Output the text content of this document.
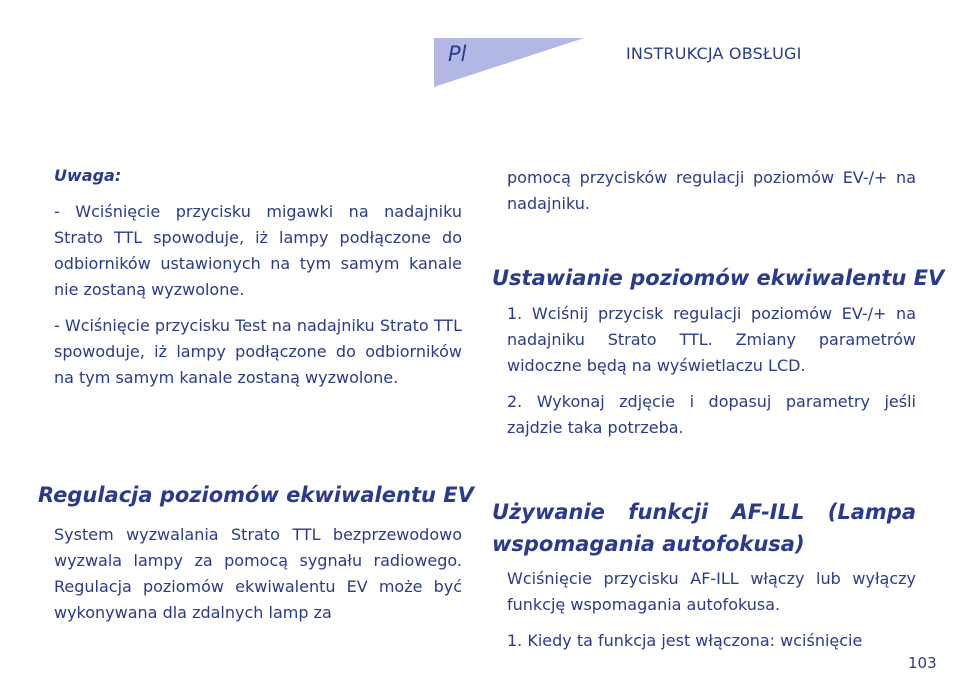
Pl	INSTRUKCJA OBSŁUGI

Uwaga:

- Wciśnięcie przycisku migawki na nadajniku Strato TTL spowoduje, iż lampy podłączone do odbiorników ustawionych na tym samym kanale nie zostaną wyzwolone.

- Wciśnięcie przycisku Test na nadajniku Strato TTL spowoduje, iż lampy podłączone do odbiorników na tym samym kanale zostaną wyzwolone.

Regulacja poziomów ekwiwalentu EV

System wyzwalania Strato TTL bezprzewodowo wyzwala lampy za pomocą sygnału radiowego. Regulacja poziomów ekwiwalentu EV może być wykonywana dla zdalnych lamp za

pomocą przycisków regulacji poziomów EV-/+ na nadajniku.

Ustawianie poziomów ekwiwalentu EV

1. Wciśnij przycisk regulacji poziomów EV-/+ na nadajniku Strato TTL. Zmiany parametrów widoczne będą na wyświetlaczu LCD.

2. Wykonaj zdjęcie i dopasuj parametry jeśli zajdzie taka potrzeba.

Używanie funkcji AF-ILL (Lampa wspomagania autofokusa)

Wciśnięcie przycisku AF-ILL włączy lub wyłączy funkcję wspomagania autofokusa.

1. Kiedy ta funkcja jest włączona: wciśnięcie

103
